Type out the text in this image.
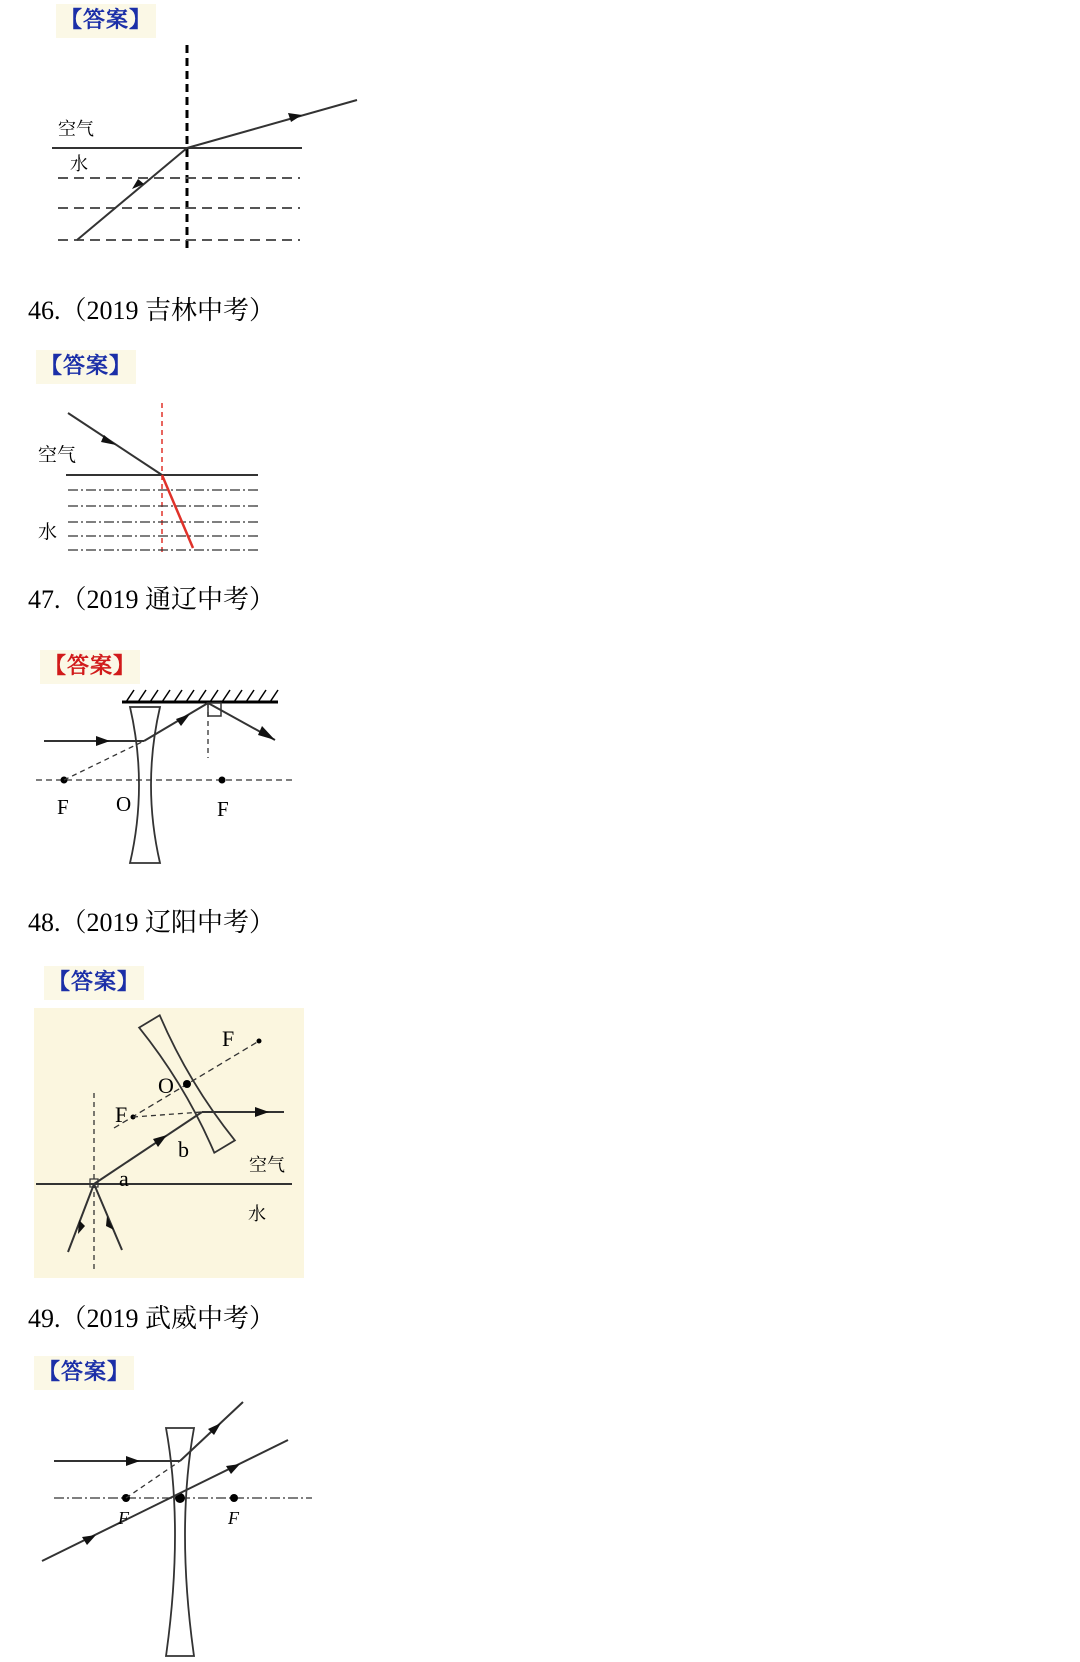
【答案】
空气
水
46.（2019 吉林中考）
【答案】
空气
水
47.（2019 通辽中考）
【答案】
F O	F
48.（2019 辽阳中考）
【答案】
F
O
F
b
a
空气
水
49.（2019 武威中考）
【答案】
F	F
